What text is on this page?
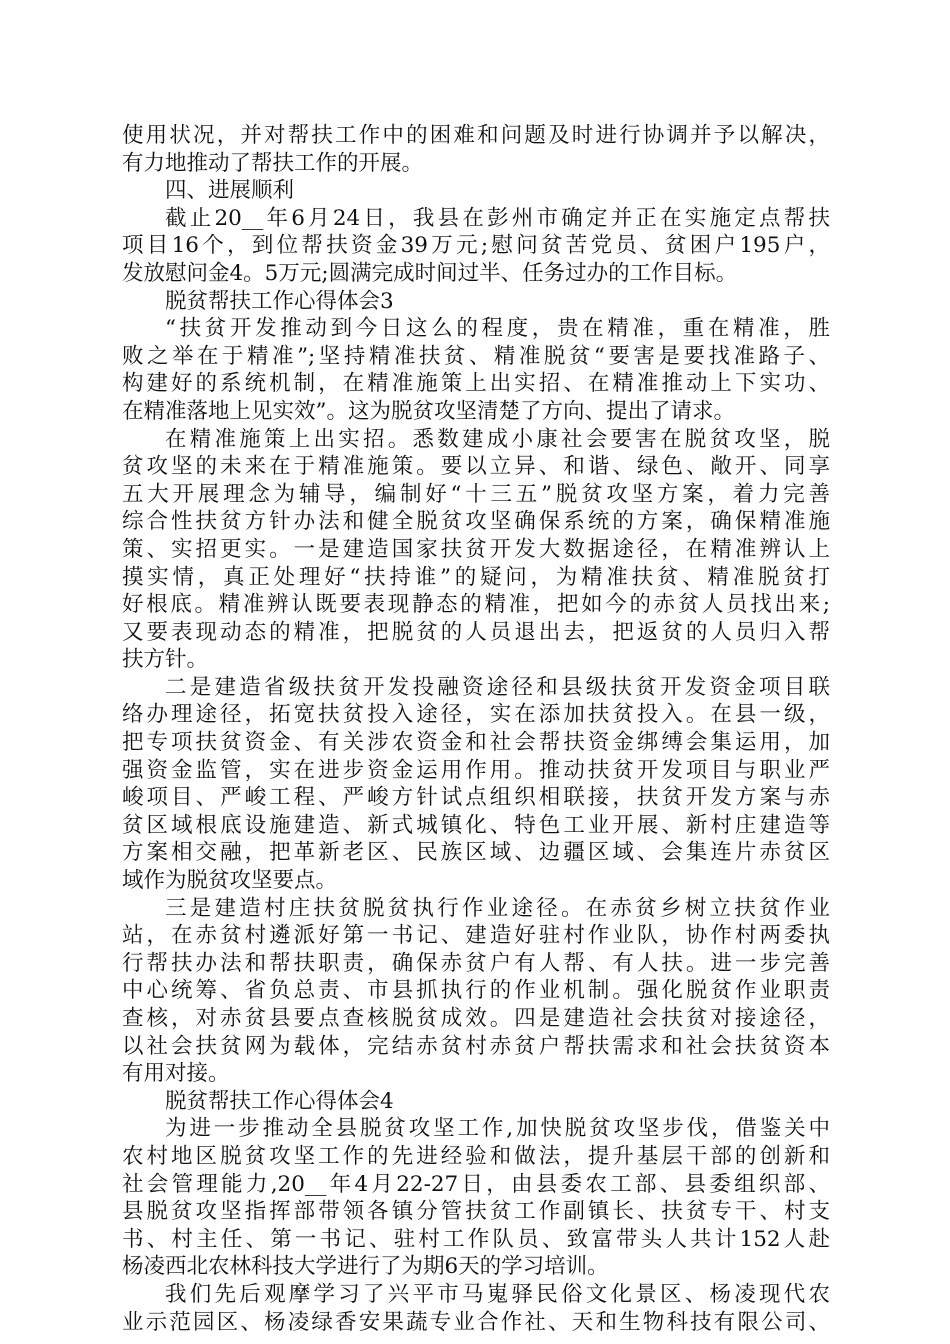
使用状况，并对帮扶工作中的困难和问题及时进行协调并予以解决，
有力地推动了帮扶工作的开展。
四、进展顺利
截止20__年6月24日，我县在彭州市确定并正在实施定点帮扶
项目16个，到位帮扶资金39万元;慰问贫苦党员、贫困户195户，
发放慰问金4。5万元;圆满完成时间过半、任务过办的工作目标。
脱贫帮扶工作心得体会3
“扶贫开发推动到今日这么的程度，贵在精准，重在精准，胜
败之举在于精准”;坚持精准扶贫、精准脱贫“要害是要找准路子、
构建好的系统机制，在精准施策上出实招、在精准推动上下实功、
在精准落地上见实效”。这为脱贫攻坚清楚了方向、提出了请求。
在精准施策上出实招。悉数建成小康社会要害在脱贫攻坚，脱
贫攻坚的未来在于精准施策。要以立异、和谐、绿色、敞开、同享
五大开展理念为辅导，编制好“十三五”脱贫攻坚方案，着力完善
综合性扶贫方针办法和健全脱贫攻坚确保系统的方案，确保精准施
策、实招更实。一是建造国家扶贫开发大数据途径，在精准辨认上
摸实情，真正处理好“扶持谁”的疑问，为精准扶贫、精准脱贫打
好根底。精准辨认既要表现静态的精准，把如今的赤贫人员找出来;
又要表现动态的精准，把脱贫的人员退出去，把返贫的人员归入帮
扶方针。
二是建造省级扶贫开发投融资途径和县级扶贫开发资金项目联
络办理途径，拓宽扶贫投入途径，实在添加扶贫投入。在县一级，
把专项扶贫资金、有关涉农资金和社会帮扶资金绑缚会集运用，加
强资金监管，实在进步资金运用作用。推动扶贫开发项目与职业严
峻项目、严峻工程、严峻方针试点组织相联接，扶贫开发方案与赤
贫区域根底设施建造、新式城镇化、特色工业开展、新村庄建造等
方案相交融，把革新老区、民族区域、边疆区域、会集连片赤贫区
域作为脱贫攻坚要点。
三是建造村庄扶贫脱贫执行作业途径。在赤贫乡树立扶贫作业
站，在赤贫村遴派好第一书记、建造好驻村作业队，协作村两委执
行帮扶办法和帮扶职责，确保赤贫户有人帮、有人扶。进一步完善
中心统筹、省负总责、市县抓执行的作业机制。强化脱贫作业职责
查核，对赤贫县要点查核脱贫成效。四是建造社会扶贫对接途径，
以社会扶贫网为载体，完结赤贫村赤贫户帮扶需求和社会扶贫资本
有用对接。
脱贫帮扶工作心得体会4
为进一步推动全县脱贫攻坚工作,加快脱贫攻坚步伐，借鉴关中
农村地区脱贫攻坚工作的先进经验和做法，提升基层干部的创新和
社会管理能力,20__年4月22-27日，由县委农工部、县委组织部、
县脱贫攻坚指挥部带领各镇分管扶贫工作副镇长、扶贫专干、村支
书、村主任、第一书记、驻村工作队员、致富带头人共计152人赴
杨凌西北农林科技大学进行了为期6天的学习培训。
我们先后观摩学习了兴平市马嵬驿民俗文化景区、杨凌现代农
业示范园区、杨凌绿香安果蔬专业合作社、天和生物科技有限公司、
